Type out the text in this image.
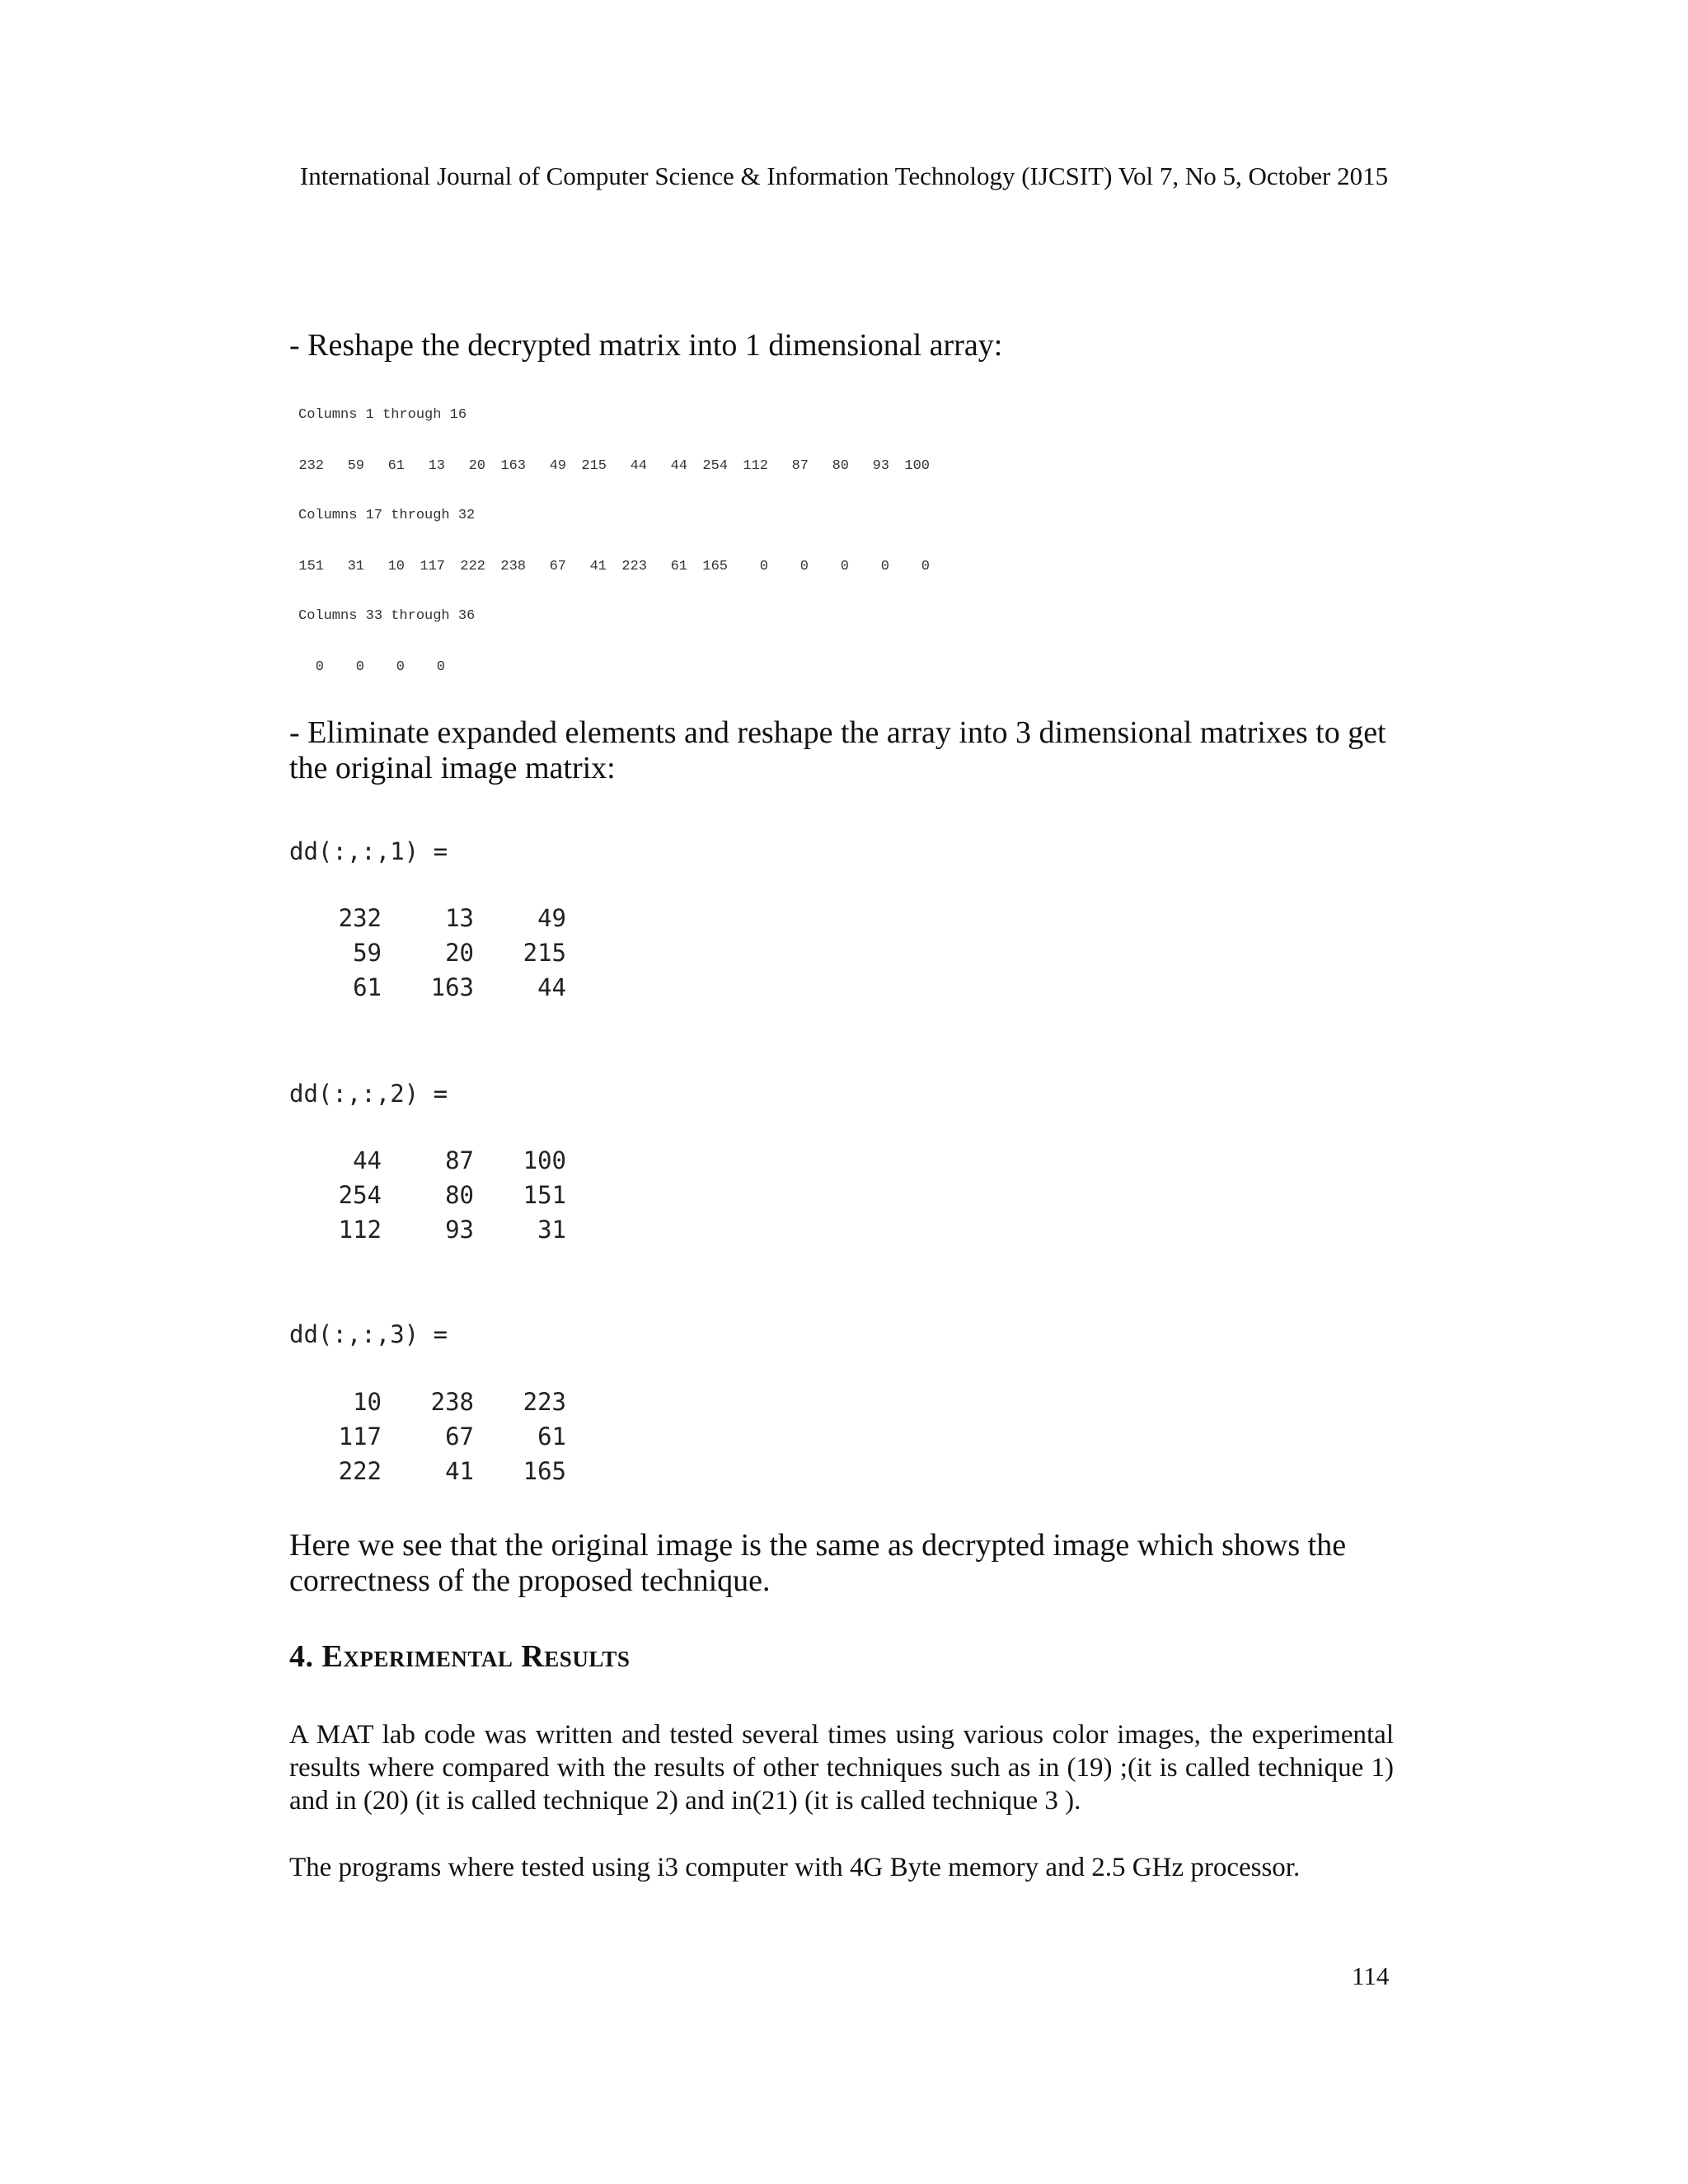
International Journal of Computer Science & Information Technology (IJCSIT) Vol 7, No 5, October 2015
- Reshape the decrypted matrix into 1 dimensional array:
Columns 1 through 16
232	59	61	13	20	163	49	215	44	44	254	112	87	80	93	100
Columns 17 through 32
151	31	10	117	222	238	67	41	223	61	165	0	0	0	0	0
Columns 33 through 36
0	0	0	0
- Eliminate expanded elements and reshape the array into 3 dimensional matrixes to get the original image matrix:
dd(:,:,1) =
232	13	49
59	20	215
61	163	44
dd(:,:,2) =
44	87	100
254	80	151
112	93	31
dd(:,:,3) =
10	238	223
117	67	61
222	41	165
Here we see that the original image is the same as decrypted image which shows the correctness of the proposed technique.
4. Experimental Results
A MAT lab code was written and tested several times using various color images, the experimental results where compared with the results of other techniques such as in (19) ;(it is called technique 1) and in (20) (it is called technique 2) and in(21) (it is called technique 3 ).
The programs where tested using i3 computer with 4G Byte memory and 2.5 GHz processor.
114
